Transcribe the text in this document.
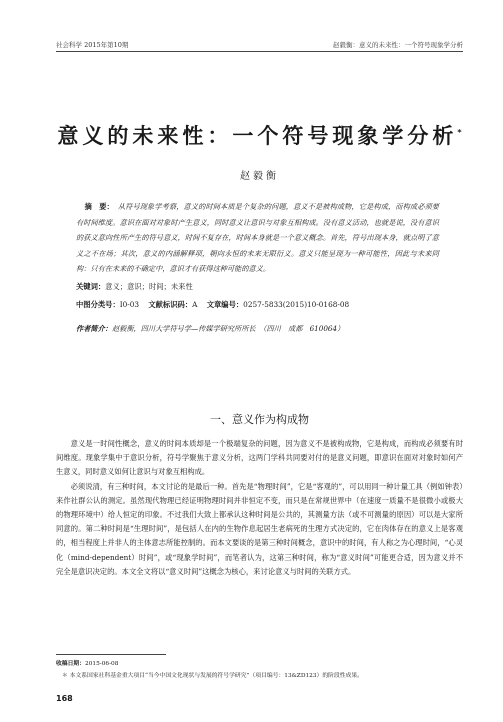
社会科学 2015年第10期	赵毅衡：意义的未来性：一个符号现象学分析
意义的未来性：一个符号现象学分析*
赵毅衡

摘　要： 从符号现象学考察，意义的时间本质是个复杂的问题，意义不是被构成物，它是构成，而构成必须要有时间维度。意识在面对对象时产生意义，同时意义让意识与对象互相构成。没有意义活动，也就是说，没有意识的获义意向性所产生的符号意义，时间不复存在，时间本身就是一个意义概念。首先，符号出现本身，就点明了意义之不在场；其次，意义的内涵解释项，朝向永恒的未来无限衍义。意义只能呈现为一种可能性，因此与未来同构：只有在未来的不确定中，意识才有获得这种可能的意义。

关键词：意义；意识；时间；未来性
中图分类号：I0-03 文献标识码：A 文章编号：0257-5833(2015)10-0168-08
作者简介：赵毅衡，四川大学符号学—传媒学研究所所长　（四川　成都　610064）
一、意义作为构成物

意义是一时间性概念，意义的时间本质却是一个极端复杂的问题，因为意义不是被构成物，它是构成，而构成必须要有时间维度。现象学集中于意识分析，符号学聚焦于意义分析，这两门学科共同要对付的是意义问题，即意识在面对对象时如何产生意义，同时意义如何让意识与对象互相构成。

必须说清，有三种时间，本文讨论的是最后一种。首先是“物理时间”，它是“客观的”，可以用同一种计量工具（例如钟表）来作社群公认的测定。虽然现代物理已经证明物理时间并非恒定不变，而只是在常规世界中（在速度一质量不是很微小或极大的物理环境中）给人恒定的印象。不过我们大致上都承认这种时间是公共的，其测量方法（或不可测量的原因）可以是大家所同意的。第二种时间是“生理时间”，是包括人在内的生物作息起居生老病死的生理方式决定的，它在肉体存在的意义上是客观的，相当程度上并非人的主体意志所能控制的。而本文要谈的是第三种时间概念，意识中的时间，有人称之为心理时间，“心灵化（mind-dependent）时间”，或“现象学时间”，而笔者认为，这第三种时间，称为“意义时间”可能更合适，因为意义并不完全是意识决定的。本文全文将以“意义时间”这概念为核心，来讨论意义与时间的关联方式。

收稿日期：2015-06-08
＊ 本文系国家社科基金重大项目“当今中国文化现状与发展的符号学研究”（项目编号：13&ZD123）的阶段性成果。
168
